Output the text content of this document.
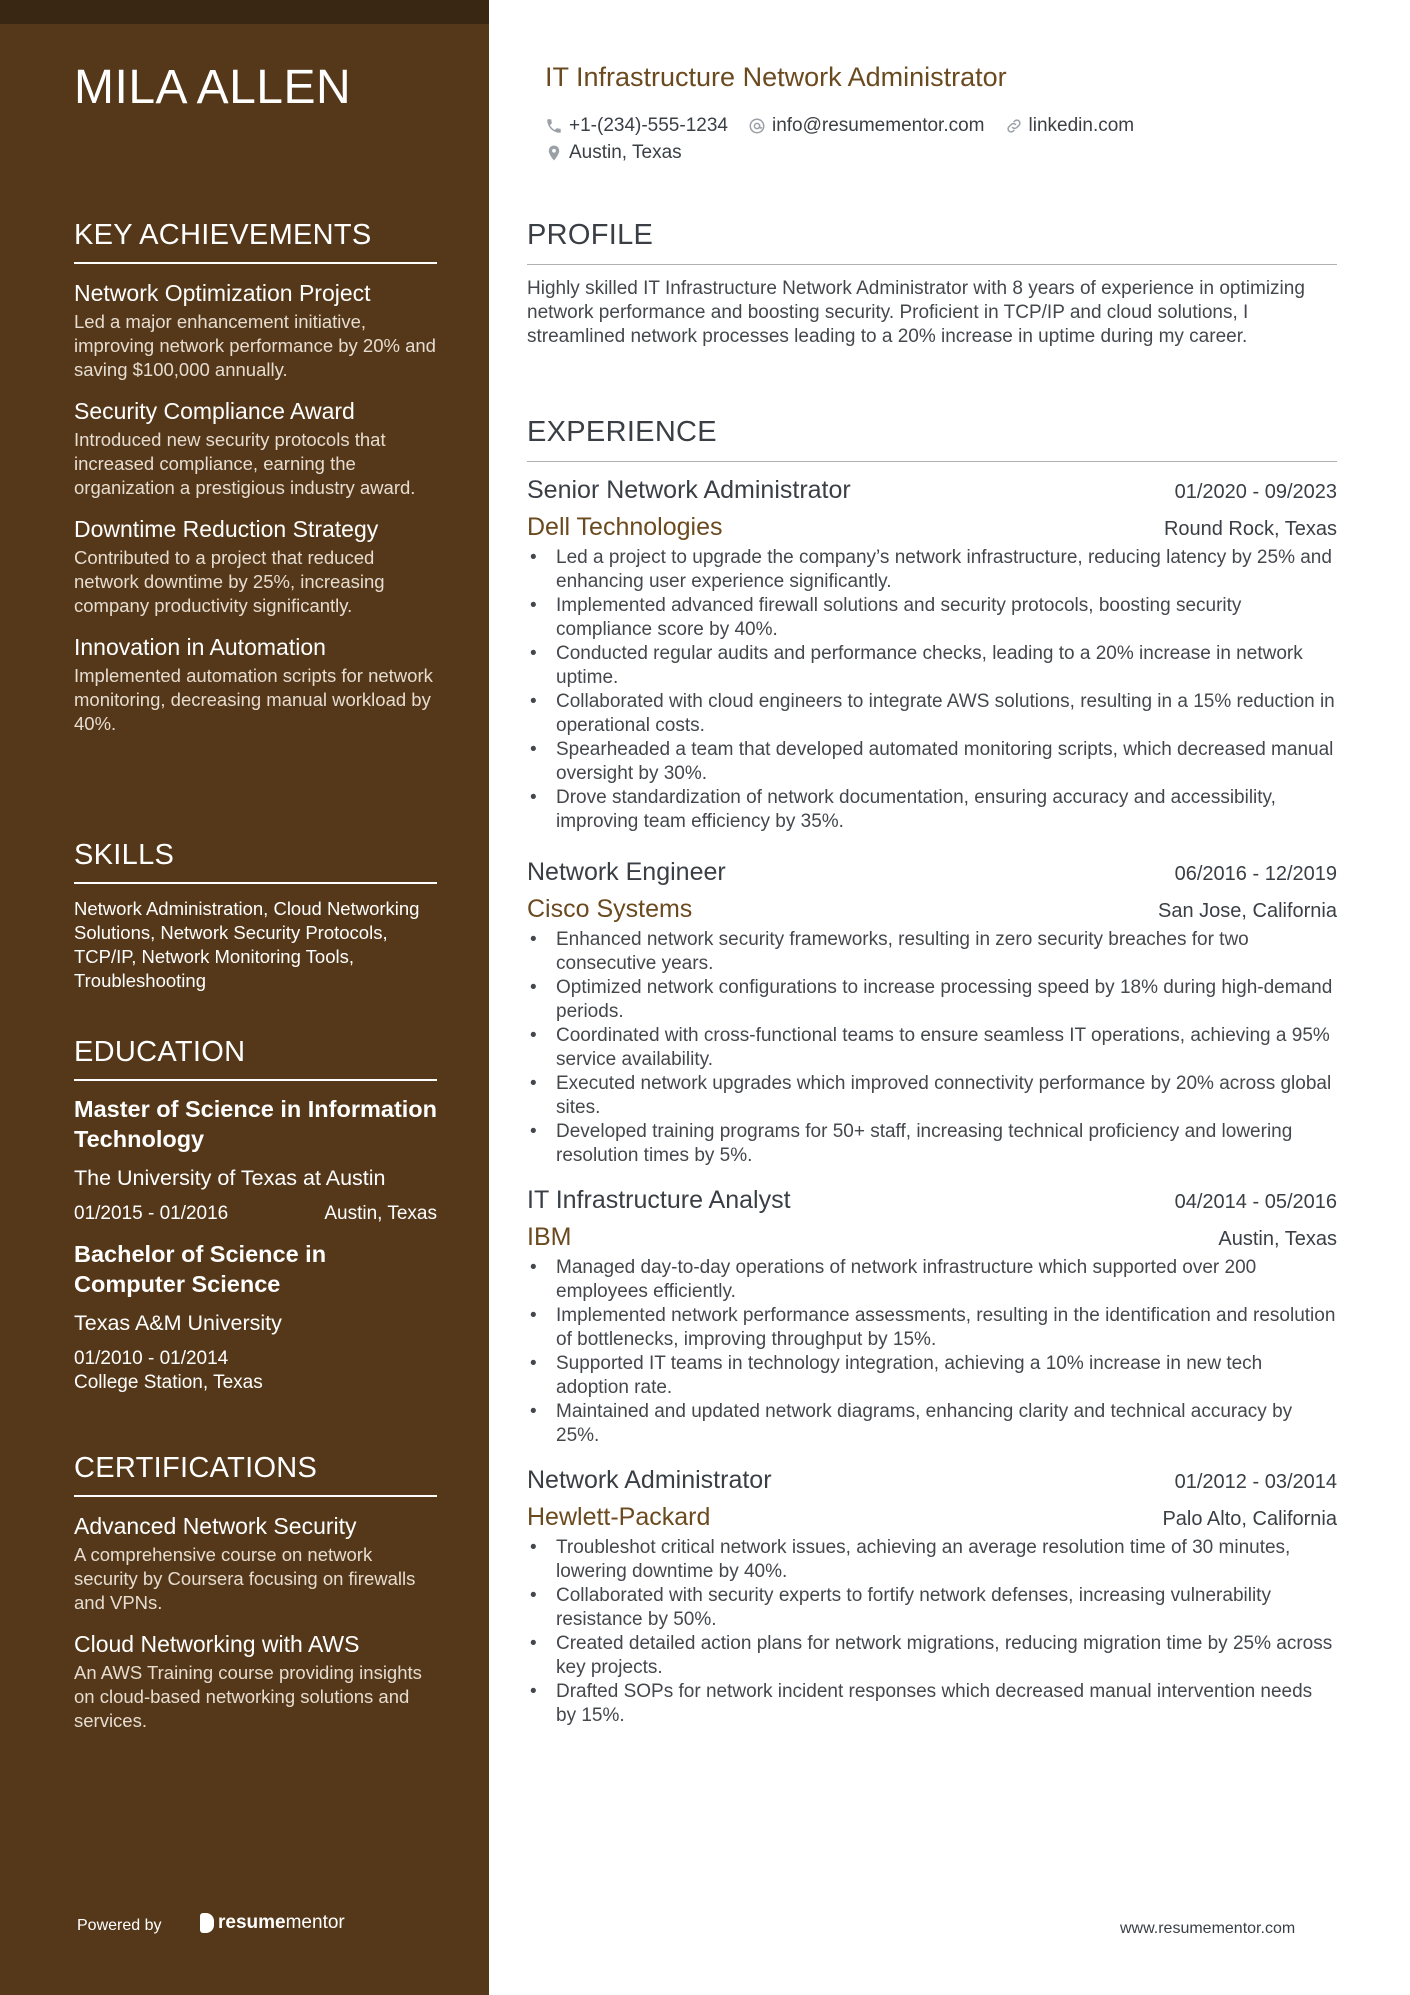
MILA ALLEN
KEY ACHIEVEMENTS
Network Optimization Project
Led a major enhancement initiative, improving network performance by 20% and saving $100,000 annually.
Security Compliance Award
Introduced new security protocols that increased compliance, earning the organization a prestigious industry award.
Downtime Reduction Strategy
Contributed to a project that reduced network downtime by 25%, increasing company productivity significantly.
Innovation in Automation
Implemented automation scripts for network monitoring, decreasing manual workload by 40%.
SKILLS
Network Administration, Cloud Networking Solutions, Network Security Protocols, TCP/IP, Network Monitoring Tools, Troubleshooting
EDUCATION
Master of Science in Information Technology
The University of Texas at Austin
01/2015 - 01/2016	Austin, Texas
Bachelor of Science in Computer Science
Texas A&M University
01/2010 - 01/2014
College Station, Texas
CERTIFICATIONS
Advanced Network Security
A comprehensive course on network security by Coursera focusing on firewalls and VPNs.
Cloud Networking with AWS
An AWS Training course providing insights on cloud-based networking solutions and services.
Powered by	resume mentor
IT Infrastructure Network Administrator
+1-(234)-555-1234 info@resumementor.com linkedin.com
Austin, Texas
PROFILE
Highly skilled IT Infrastructure Network Administrator with 8 years of experience in optimizing network performance and boosting security. Proficient in TCP/IP and cloud solutions, I streamlined network processes leading to a 20% increase in uptime during my career.
EXPERIENCE
Senior Network Administrator	01/2020 - 09/2023
Dell Technologies	Round Rock, Texas
• Led a project to upgrade the company’s network infrastructure, reducing latency by 25% and enhancing user experience significantly.
• Implemented advanced firewall solutions and security protocols, boosting security compliance score by 40%.
• Conducted regular audits and performance checks, leading to a 20% increase in network uptime.
• Collaborated with cloud engineers to integrate AWS solutions, resulting in a 15% reduction in operational costs.
• Spearheaded a team that developed automated monitoring scripts, which decreased manual oversight by 30%.
• Drove standardization of network documentation, ensuring accuracy and accessibility, improving team efficiency by 35%.
Network Engineer	06/2016 - 12/2019
Cisco Systems	San Jose, California
• Enhanced network security frameworks, resulting in zero security breaches for two consecutive years.
• Optimized network configurations to increase processing speed by 18% during high-demand periods.
• Coordinated with cross-functional teams to ensure seamless IT operations, achieving a 95% service availability.
• Executed network upgrades which improved connectivity performance by 20% across global sites.
• Developed training programs for 50+ staff, increasing technical proficiency and lowering resolution times by 5%.
IT Infrastructure Analyst	04/2014 - 05/2016
IBM	Austin, Texas
• Managed day-to-day operations of network infrastructure which supported over 200 employees efficiently.
• Implemented network performance assessments, resulting in the identification and resolution of bottlenecks, improving throughput by 15%.
• Supported IT teams in technology integration, achieving a 10% increase in new tech adoption rate.
• Maintained and updated network diagrams, enhancing clarity and technical accuracy by 25%.
Network Administrator	01/2012 - 03/2014
Hewlett-Packard	Palo Alto, California
• Troubleshot critical network issues, achieving an average resolution time of 30 minutes, lowering downtime by 40%.
• Collaborated with security experts to fortify network defenses, increasing vulnerability resistance by 50%.
• Created detailed action plans for network migrations, reducing migration time by 25% across key projects.
• Drafted SOPs for network incident responses which decreased manual intervention needs by 15%.
www.resumementor.com
